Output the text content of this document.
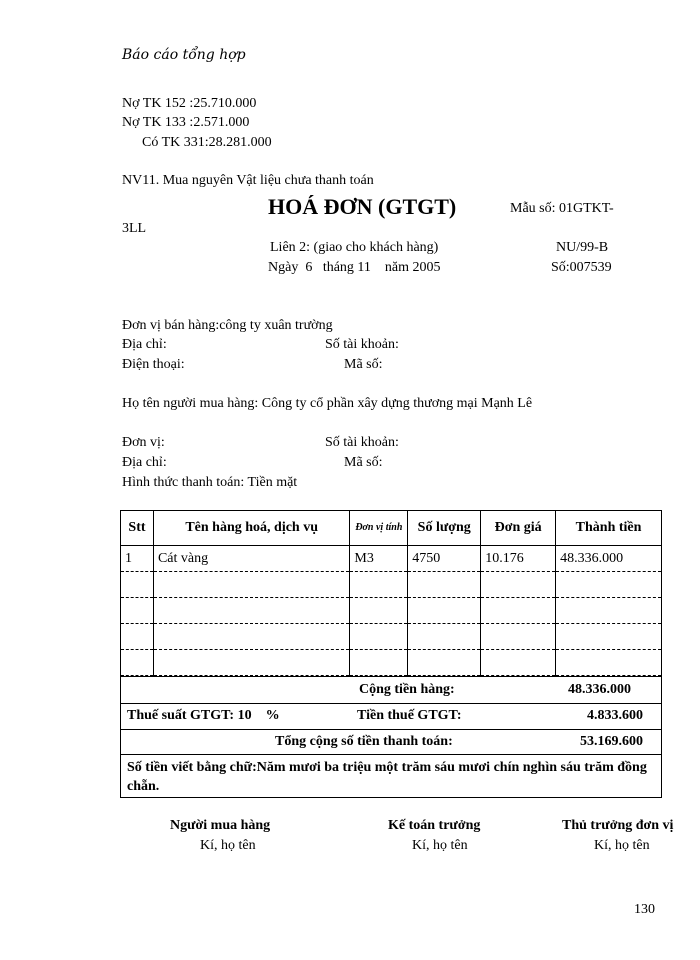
Báo cáo tổng hợp
Nợ TK 152 :25.710.000
Nợ TK 133 :2.571.000
Có TK 331:28.281.000
NV11. Mua nguyên Vật liệu chưa thanh toán
HOÁ ĐƠN (GTGT)	Mẫu số: 01GTKT-
3LL
Liên 2: (giao cho khách hàng)	NU/99-B
Ngày  6   tháng 11    năm 2005	Số:007539
Đơn vị bán hàng:công ty xuân trường
Địa chỉ:	Số tài khoản:
Điện thoại:	Mã số:
Họ tên người mua hàng: Công ty cổ phần xây dựng thương mại Mạnh Lê
Đơn vị:	Số tài khoản:
Địa chỉ:	Mã số:
Hình thức thanh toán: Tiền mặt
Stt	Tên hàng hoá, dịch vụ	Đơn vị tính	Số lượng	Đơn giá	Thành tiền
1	Cát vàng	M3	4750	10.176	48.336.000

Cộng tiền hàng:	48.336.000
Thuế suất GTGT: 10    %	Tiền thuế GTGT:	4.833.600
Tổng cộng số tiền thanh toán:	53.169.600
Số tiền viết bằng chữ:Năm mươi ba triệu một trăm sáu mươi chín nghìn sáu trăm đồng chẵn.
Người mua hàng
Kí, họ tên
Kế toán trưởng
Kí, họ tên
Thủ trưởng đơn vị
Kí, họ tên
130
